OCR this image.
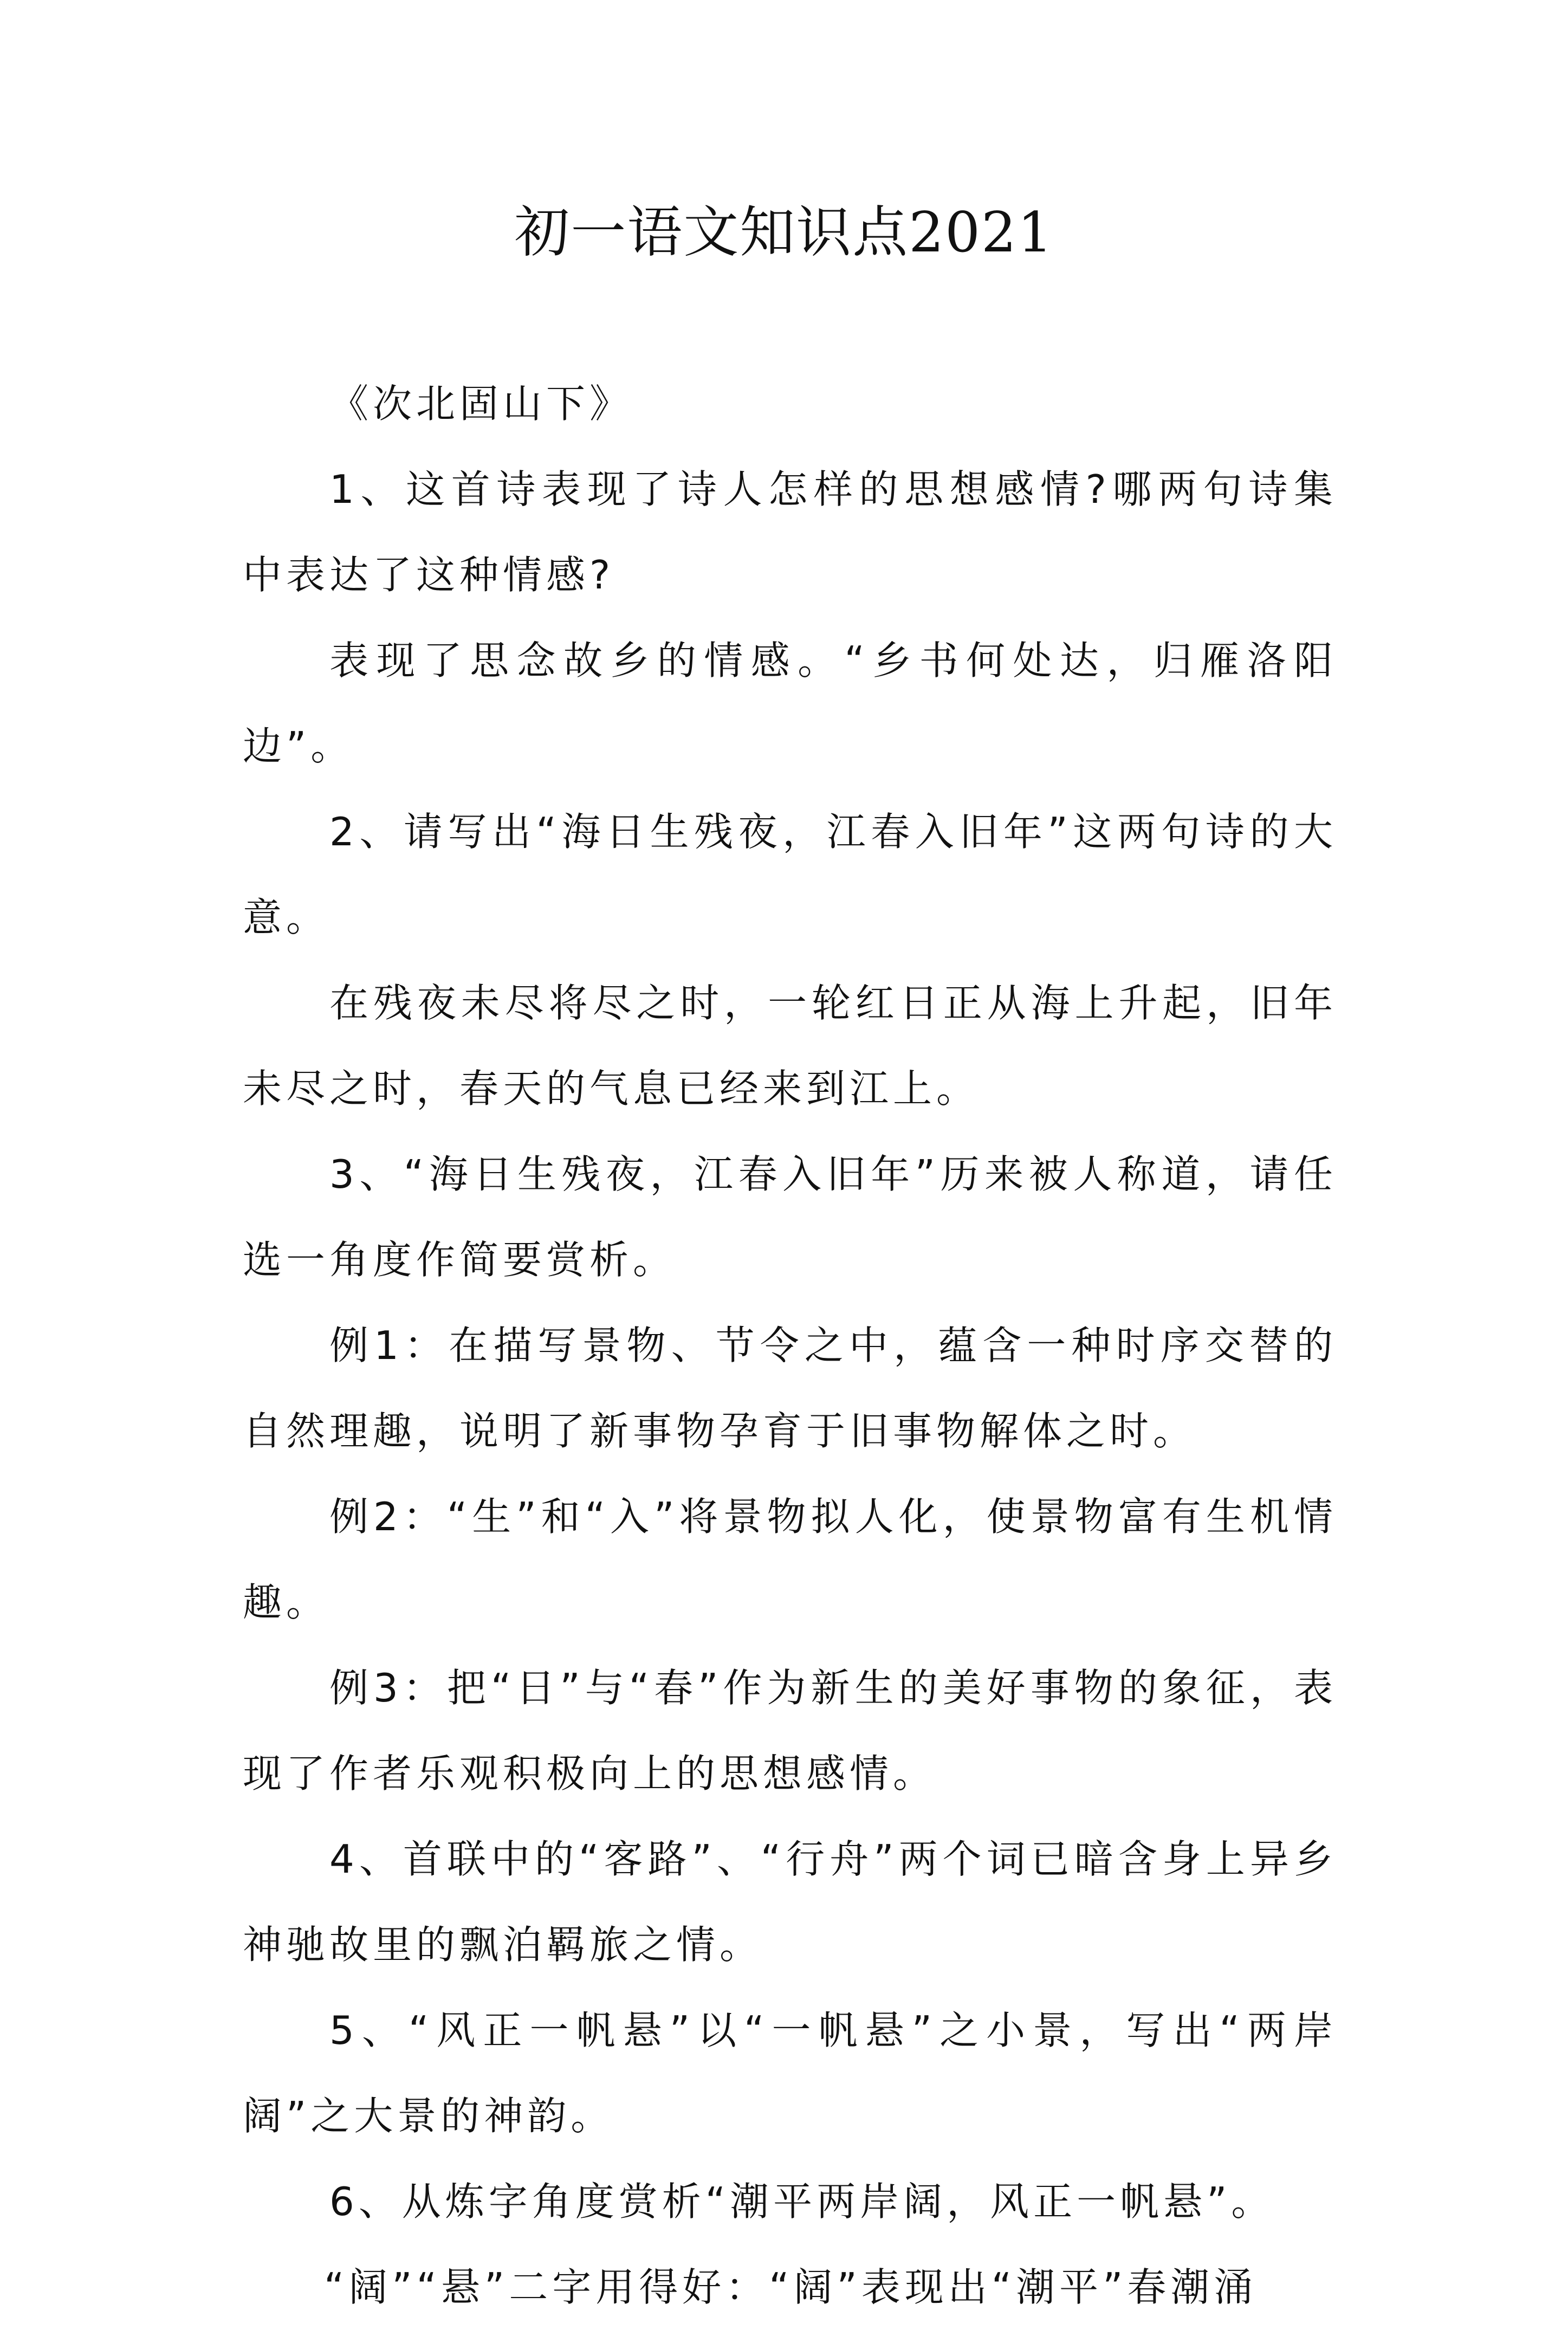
初一语文知识点2021

《次北固山下》

1、这首诗表现了诗人怎样的思想感情?哪两句诗集中表达了这种情感?

表现了思念故乡的情感。“乡书何处达，归雁洛阳边”。

2、请写出“海日生残夜，江春入旧年”这两句诗的大意。

在残夜未尽将尽之时，一轮红日正从海上升起，旧年未尽之时，春天的气息已经来到江上。

3、“海日生残夜，江春入旧年”历来被人称道，请任选一角度作简要赏析。

例1：在描写景物、节令之中，蕴含一种时序交替的自然理趣，说明了新事物孕育于旧事物解体之时。

例2：“生”和“入”将景物拟人化，使景物富有生机情趣。

例3：把“日”与“春”作为新生的美好事物的象征，表现了作者乐观积极向上的思想感情。

4、首联中的“客路”、“行舟”两个词已暗含身上异乡神驰故里的飘泊羁旅之情。

5、“风正一帆悬”以“一帆悬”之小景，写出“两岸阔”之大景的神韵。

6、从炼字角度赏析“潮平两岸阔，风正一帆悬”。

“阔”“悬”二字用得好：“阔”表现出“潮平”春潮涌
